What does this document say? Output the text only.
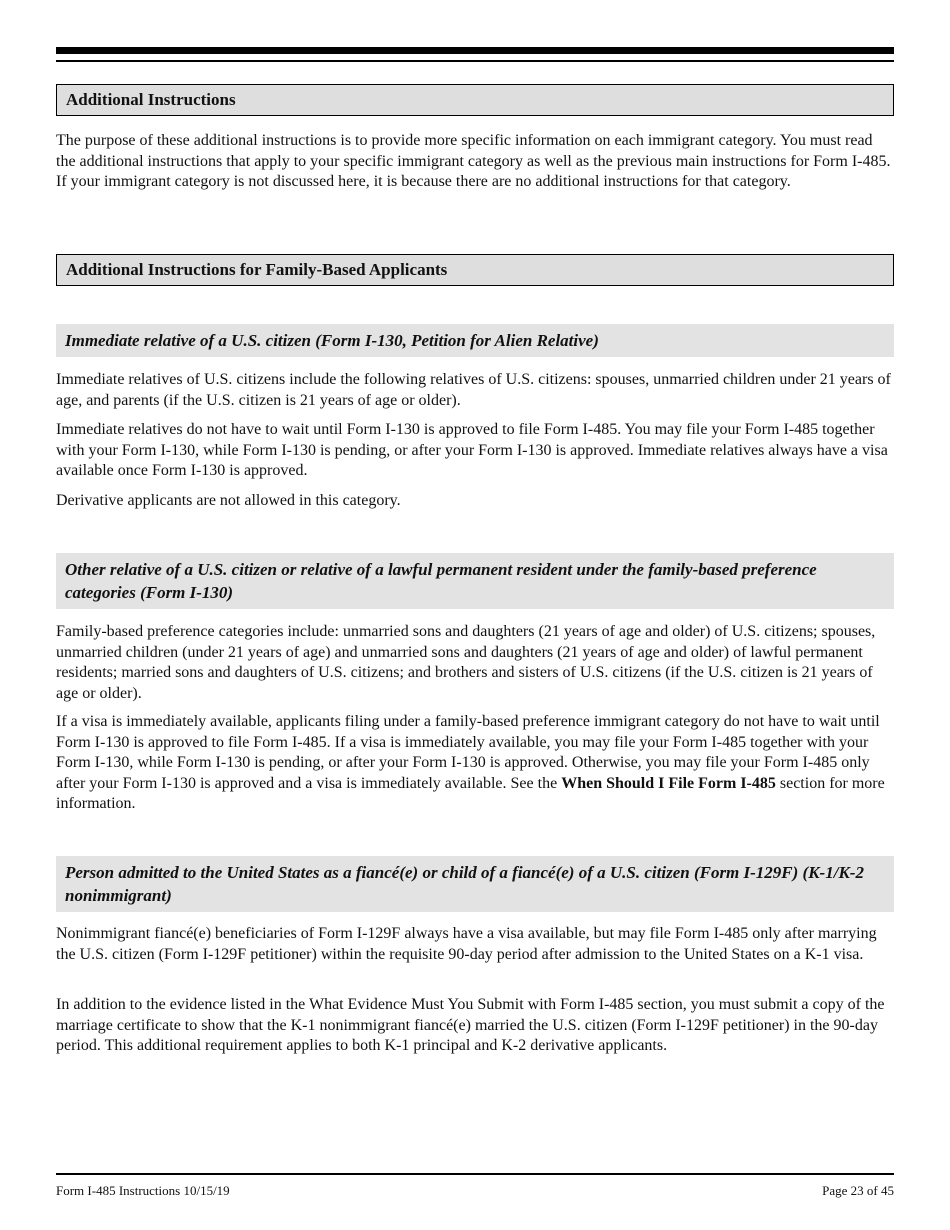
Additional Instructions

The purpose of these additional instructions is to provide more specific information on each immigrant category. You must read the additional instructions that apply to your specific immigrant category as well as the previous main instructions for Form I-485. If your immigrant category is not discussed here, it is because there are no additional instructions for that category.

Additional Instructions for Family-Based Applicants
Immediate relative of a U.S. citizen (Form I-130, Petition for Alien Relative)

Immediate relatives of U.S. citizens include the following relatives of U.S. citizens: spouses, unmarried children under 21 years of age, and parents (if the U.S. citizen is 21 years of age or older).

Immediate relatives do not have to wait until Form I-130 is approved to file Form I-485. You may file your Form I-485 together with your Form I-130, while Form I-130 is pending, or after your Form I-130 is approved. Immediate relatives always have a visa available once Form I-130 is approved.

Derivative applicants are not allowed in this category.

Other relative of a U.S. citizen or relative of a lawful permanent resident under the family-based preference categories (Form I-130)

Family-based preference categories include: unmarried sons and daughters (21 years of age and older) of U.S. citizens; spouses, unmarried children (under 21 years of age) and unmarried sons and daughters (21 years of age and older) of lawful permanent residents; married sons and daughters of U.S. citizens; and brothers and sisters of U.S. citizens (if the U.S. citizen is 21 years of age or older).

If a visa is immediately available, applicants filing under a family-based preference immigrant category do not have to wait until Form I-130 is approved to file Form I-485. If a visa is immediately available, you may file your Form I-485 together with your Form I-130, while Form I-130 is pending, or after your Form I-130 is approved. Otherwise, you may file your Form I-485 only after your Form I-130 is approved and a visa is immediately available. See the When Should I File Form I-485 section for more information.

Person admitted to the United States as a fiancé(e) or child of a fiancé(e) of a U.S. citizen (Form I-129F) (K-1/K-2 nonimmigrant)

Nonimmigrant fiancé(e) beneficiaries of Form I-129F always have a visa available, but may file Form I-485 only after marrying the U.S. citizen (Form I-129F petitioner) within the requisite 90-day period after admission to the United States on a K-1 visa.

In addition to the evidence listed in the What Evidence Must You Submit with Form I-485 section, you must submit a copy of the marriage certificate to show that the K-1 nonimmigrant fiancé(e) married the U.S. citizen (Form I-129F petitioner) in the 90-day period. This additional requirement applies to both K-1 principal and K-2 derivative applicants.

Form I-485 Instructions 10/15/19	Page 23 of 45
